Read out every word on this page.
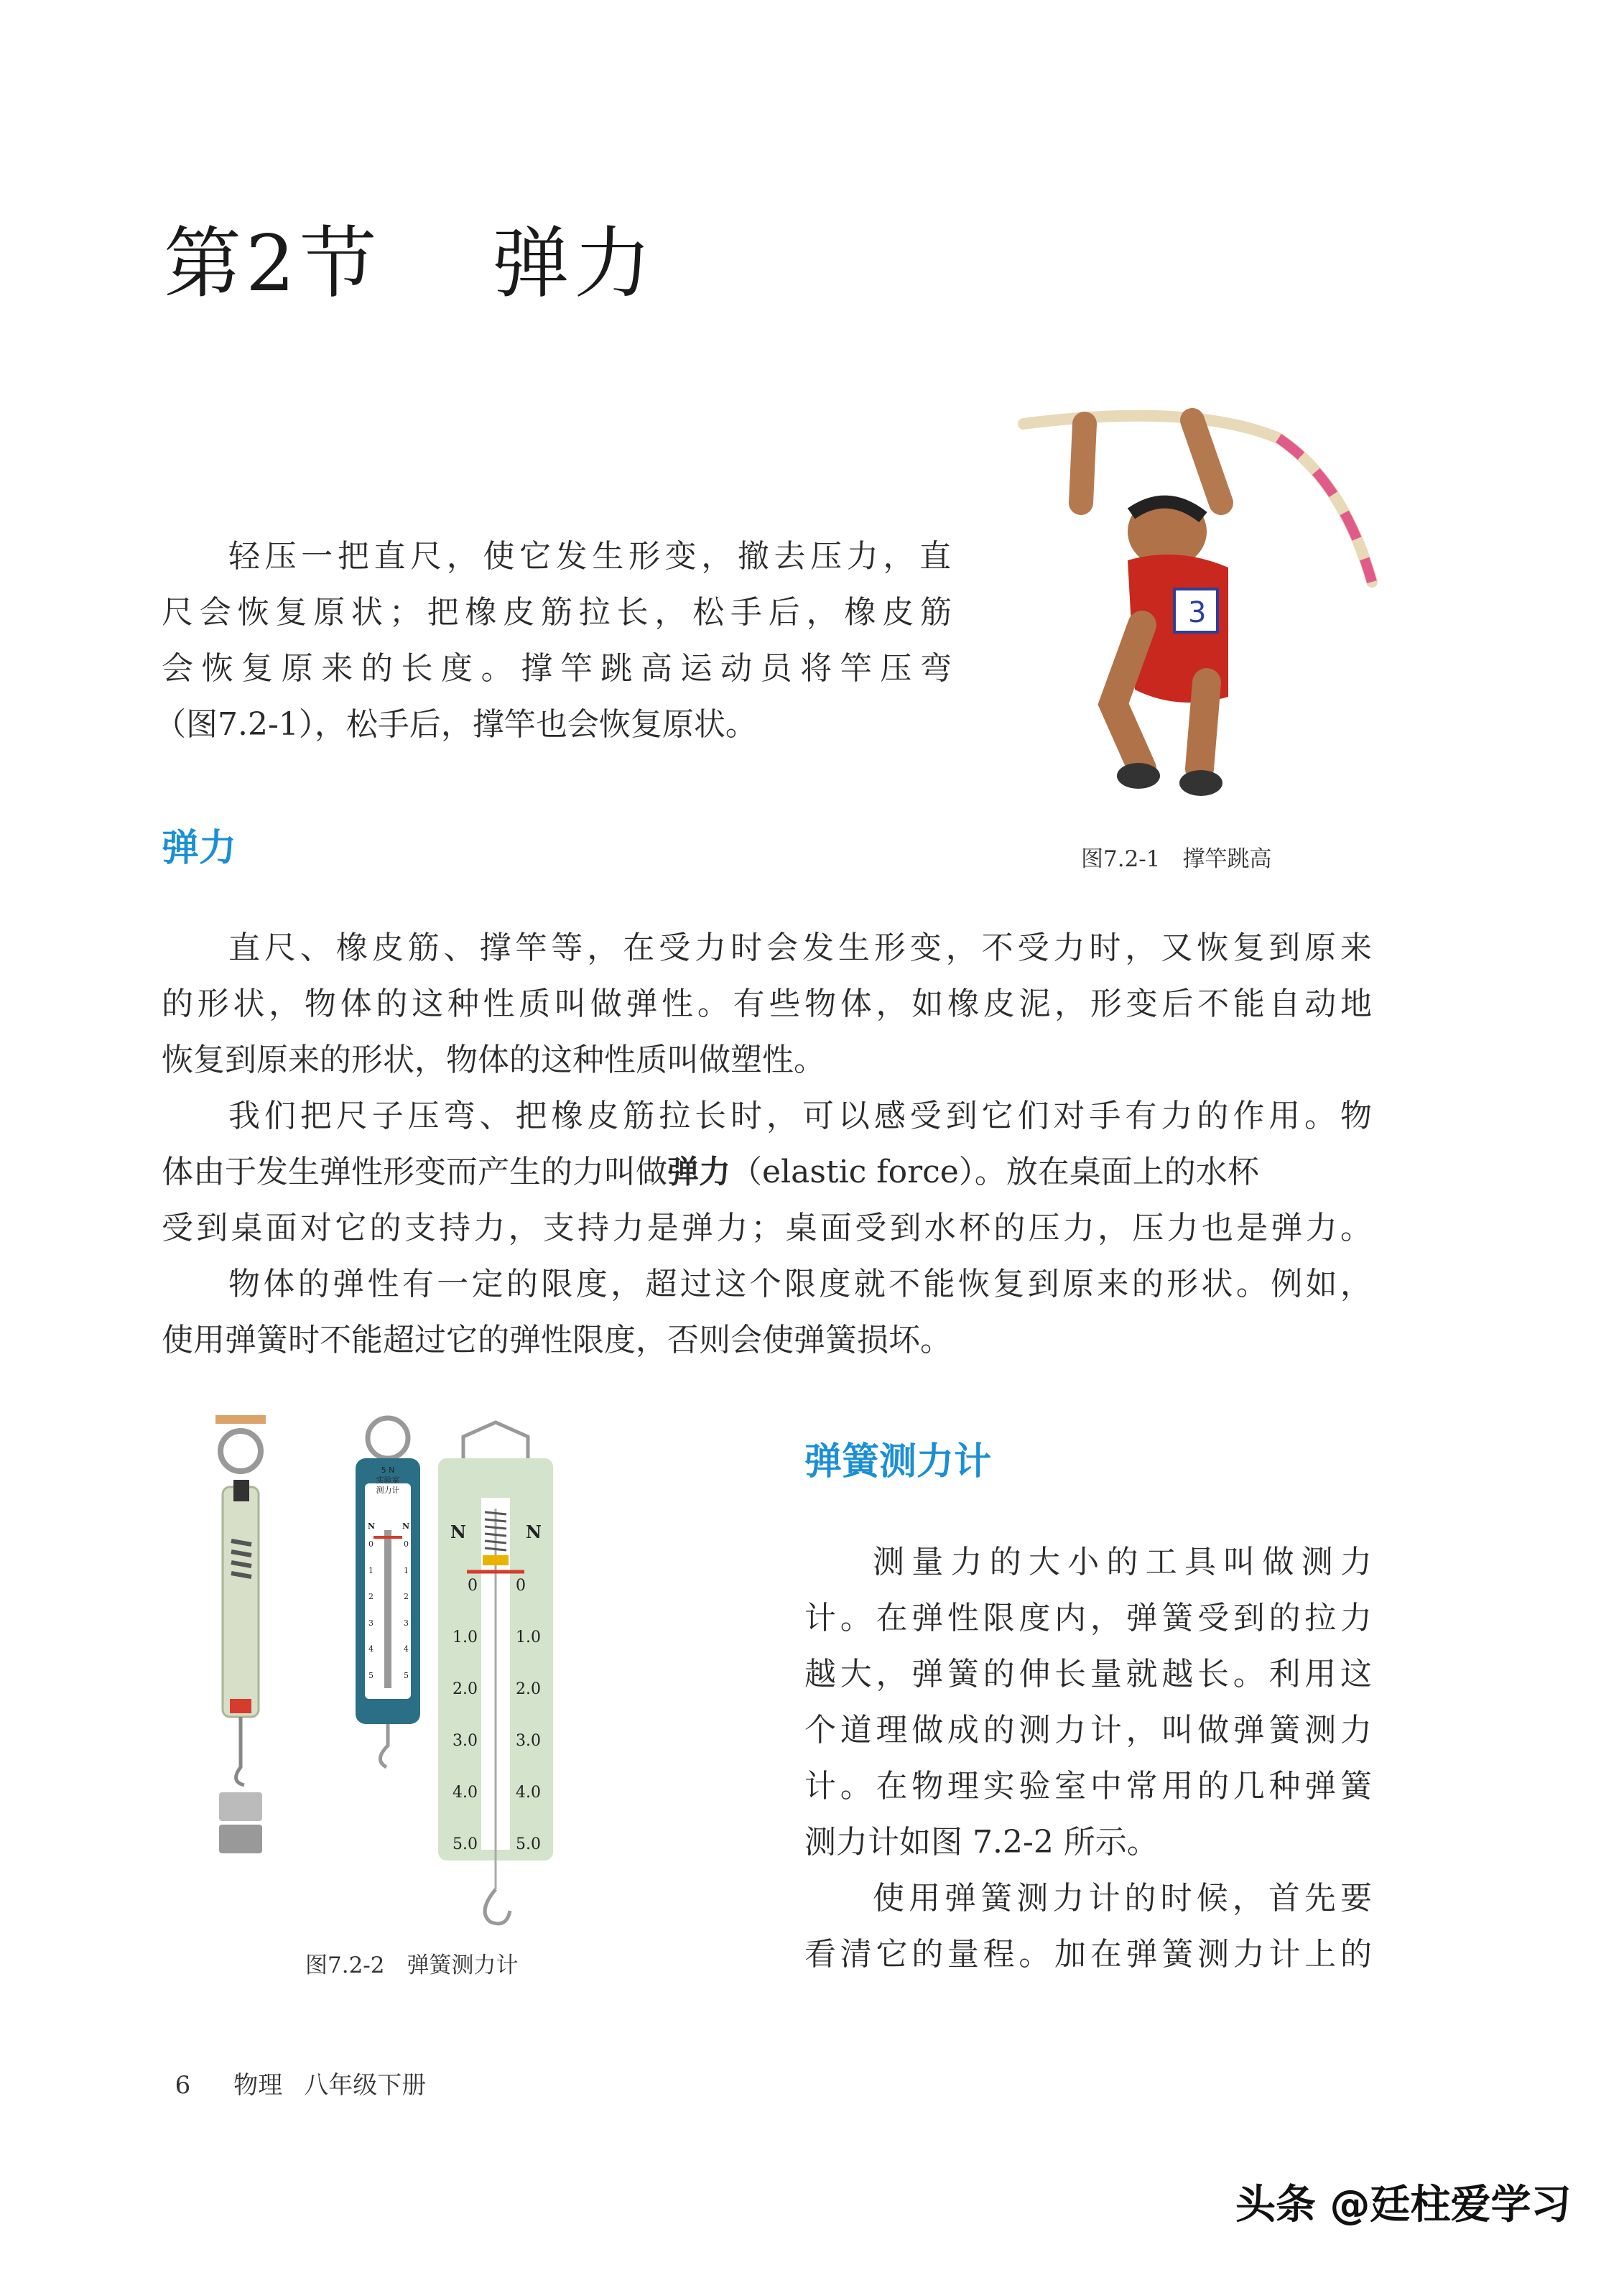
第2节　 弹力
轻压一把直尺，使它发生形变，撤去压力，直
尺会恢复原状；把橡皮筋拉长，松手后，橡皮筋
会恢复原来的长度。撑竿跳高运动员将竿压弯
（图7.2-1），松手后，撑竿也会恢复原状。
3
图7.2-1　撑竿跳高
弹力
直尺、橡皮筋、撑竿等，在受力时会发生形变，不受力时，又恢复到原来
的形状，物体的这种性质叫做弹性。有些物体，如橡皮泥，形变后不能自动地
恢复到原来的形状，物体的这种性质叫做塑性。
我们把尺子压弯、把橡皮筋拉长时，可以感受到它们对手有力的作用。物
体由于发生弹性形变而产生的力叫做弹力（elastic force）。放在桌面上的水杯
受到桌面对它的支持力，支持力是弹力；桌面受到水杯的压力，压力也是弹力。
物体的弹性有一定的限度，超过这个限度就不能恢复到原来的形状。例如，
使用弹簧时不能超过它的弹性限度，否则会使弹簧损坏。
5 N
实验室
测力计
N	N
0
1
2
3
4
5
0
1
2
3
4
5
N	N
0
1.0
2.0
3.0
4.0
5.0
0
1.0
2.0
3.0
4.0
5.0
图7.2-2　弹簧测力计
弹簧测力计
测量力的大小的工具叫做测力
计。在弹性限度内，弹簧受到的拉力
越大，弹簧的伸长量就越长。利用这
个道理做成的测力计，叫做弹簧测力
计。在物理实验室中常用的几种弹簧
测力计如图 7.2-2 所示。
使用弹簧测力计的时候，首先要
看清它的量程。加在弹簧测力计上的

6 物理 八年级下册

头条 @廷柱爱学习
